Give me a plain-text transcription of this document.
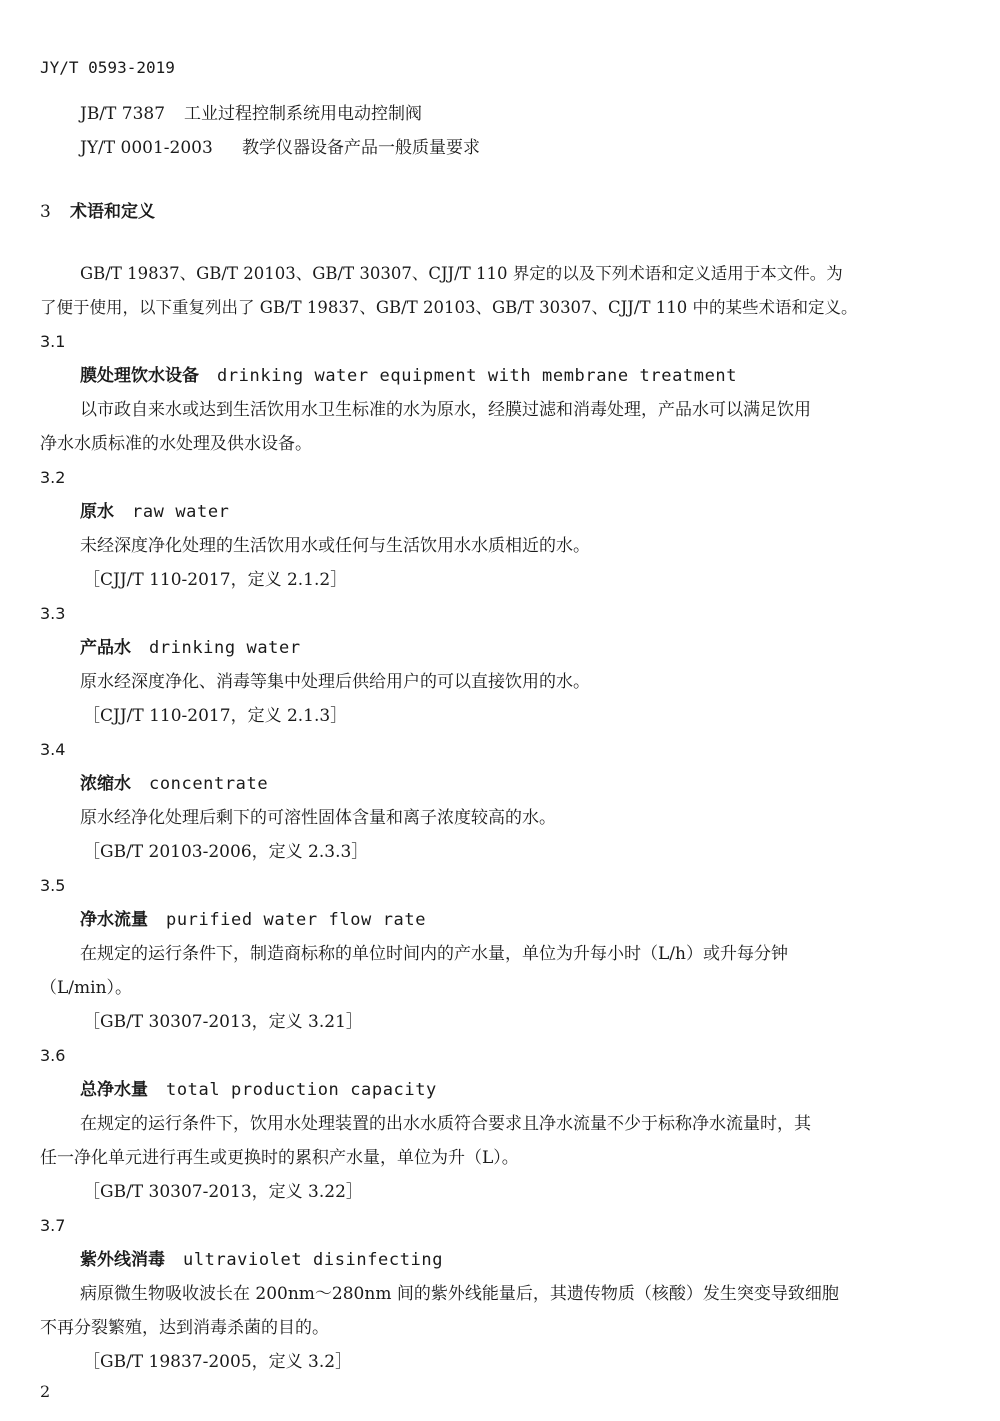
JY/T 0593-2019
JB/T 7387 工业过程控制系统用电动控制阀
JY/T 0001-2003 教学仪器设备产品一般质量要求
3 术语和定义
GB/T 19837、GB/T 20103、GB/T 30307、CJJ/T 110 界定的以及下列术语和定义适用于本文件。为
了便于使用，以下重复列出了 GB/T 19837、GB/T 20103、GB/T 30307、CJJ/T 110 中的某些术语和定义。
3.1
膜处理饮水设备 drinking water equipment with membrane treatment
以市政自来水或达到生活饮用水卫生标准的水为原水，经膜过滤和消毒处理，产品水可以满足饮用
净水水质标准的水处理及供水设备。
3.2
原水 raw water
未经深度净化处理的生活饮用水或任何与生活饮用水水质相近的水。
［CJJ/T 110-2017，定义 2.1.2］
3.3
产品水 drinking water
原水经深度净化、消毒等集中处理后供给用户的可以直接饮用的水。
［CJJ/T 110-2017，定义 2.1.3］
3.4
浓缩水 concentrate
原水经净化处理后剩下的可溶性固体含量和离子浓度较高的水。
［GB/T 20103-2006，定义 2.3.3］
3.5
净水流量 purified water flow rate
在规定的运行条件下，制造商标称的单位时间内的产水量，单位为升每小时（L/h）或升每分钟
（L/min）。
［GB/T 30307-2013，定义 3.21］
3.6
总净水量 total production capacity
在规定的运行条件下，饮用水处理装置的出水水质符合要求且净水流量不少于标称净水流量时，其
任一净化单元进行再生或更换时的累积产水量，单位为升（L）。
［GB/T 30307-2013，定义 3.22］
3.7
紫外线消毒 ultraviolet disinfecting
病原微生物吸收波长在 200nm～280nm 间的紫外线能量后，其遗传物质（核酸）发生突变导致细胞
不再分裂繁殖，达到消毒杀菌的目的。
［GB/T 19837-2005，定义 3.2］
2
